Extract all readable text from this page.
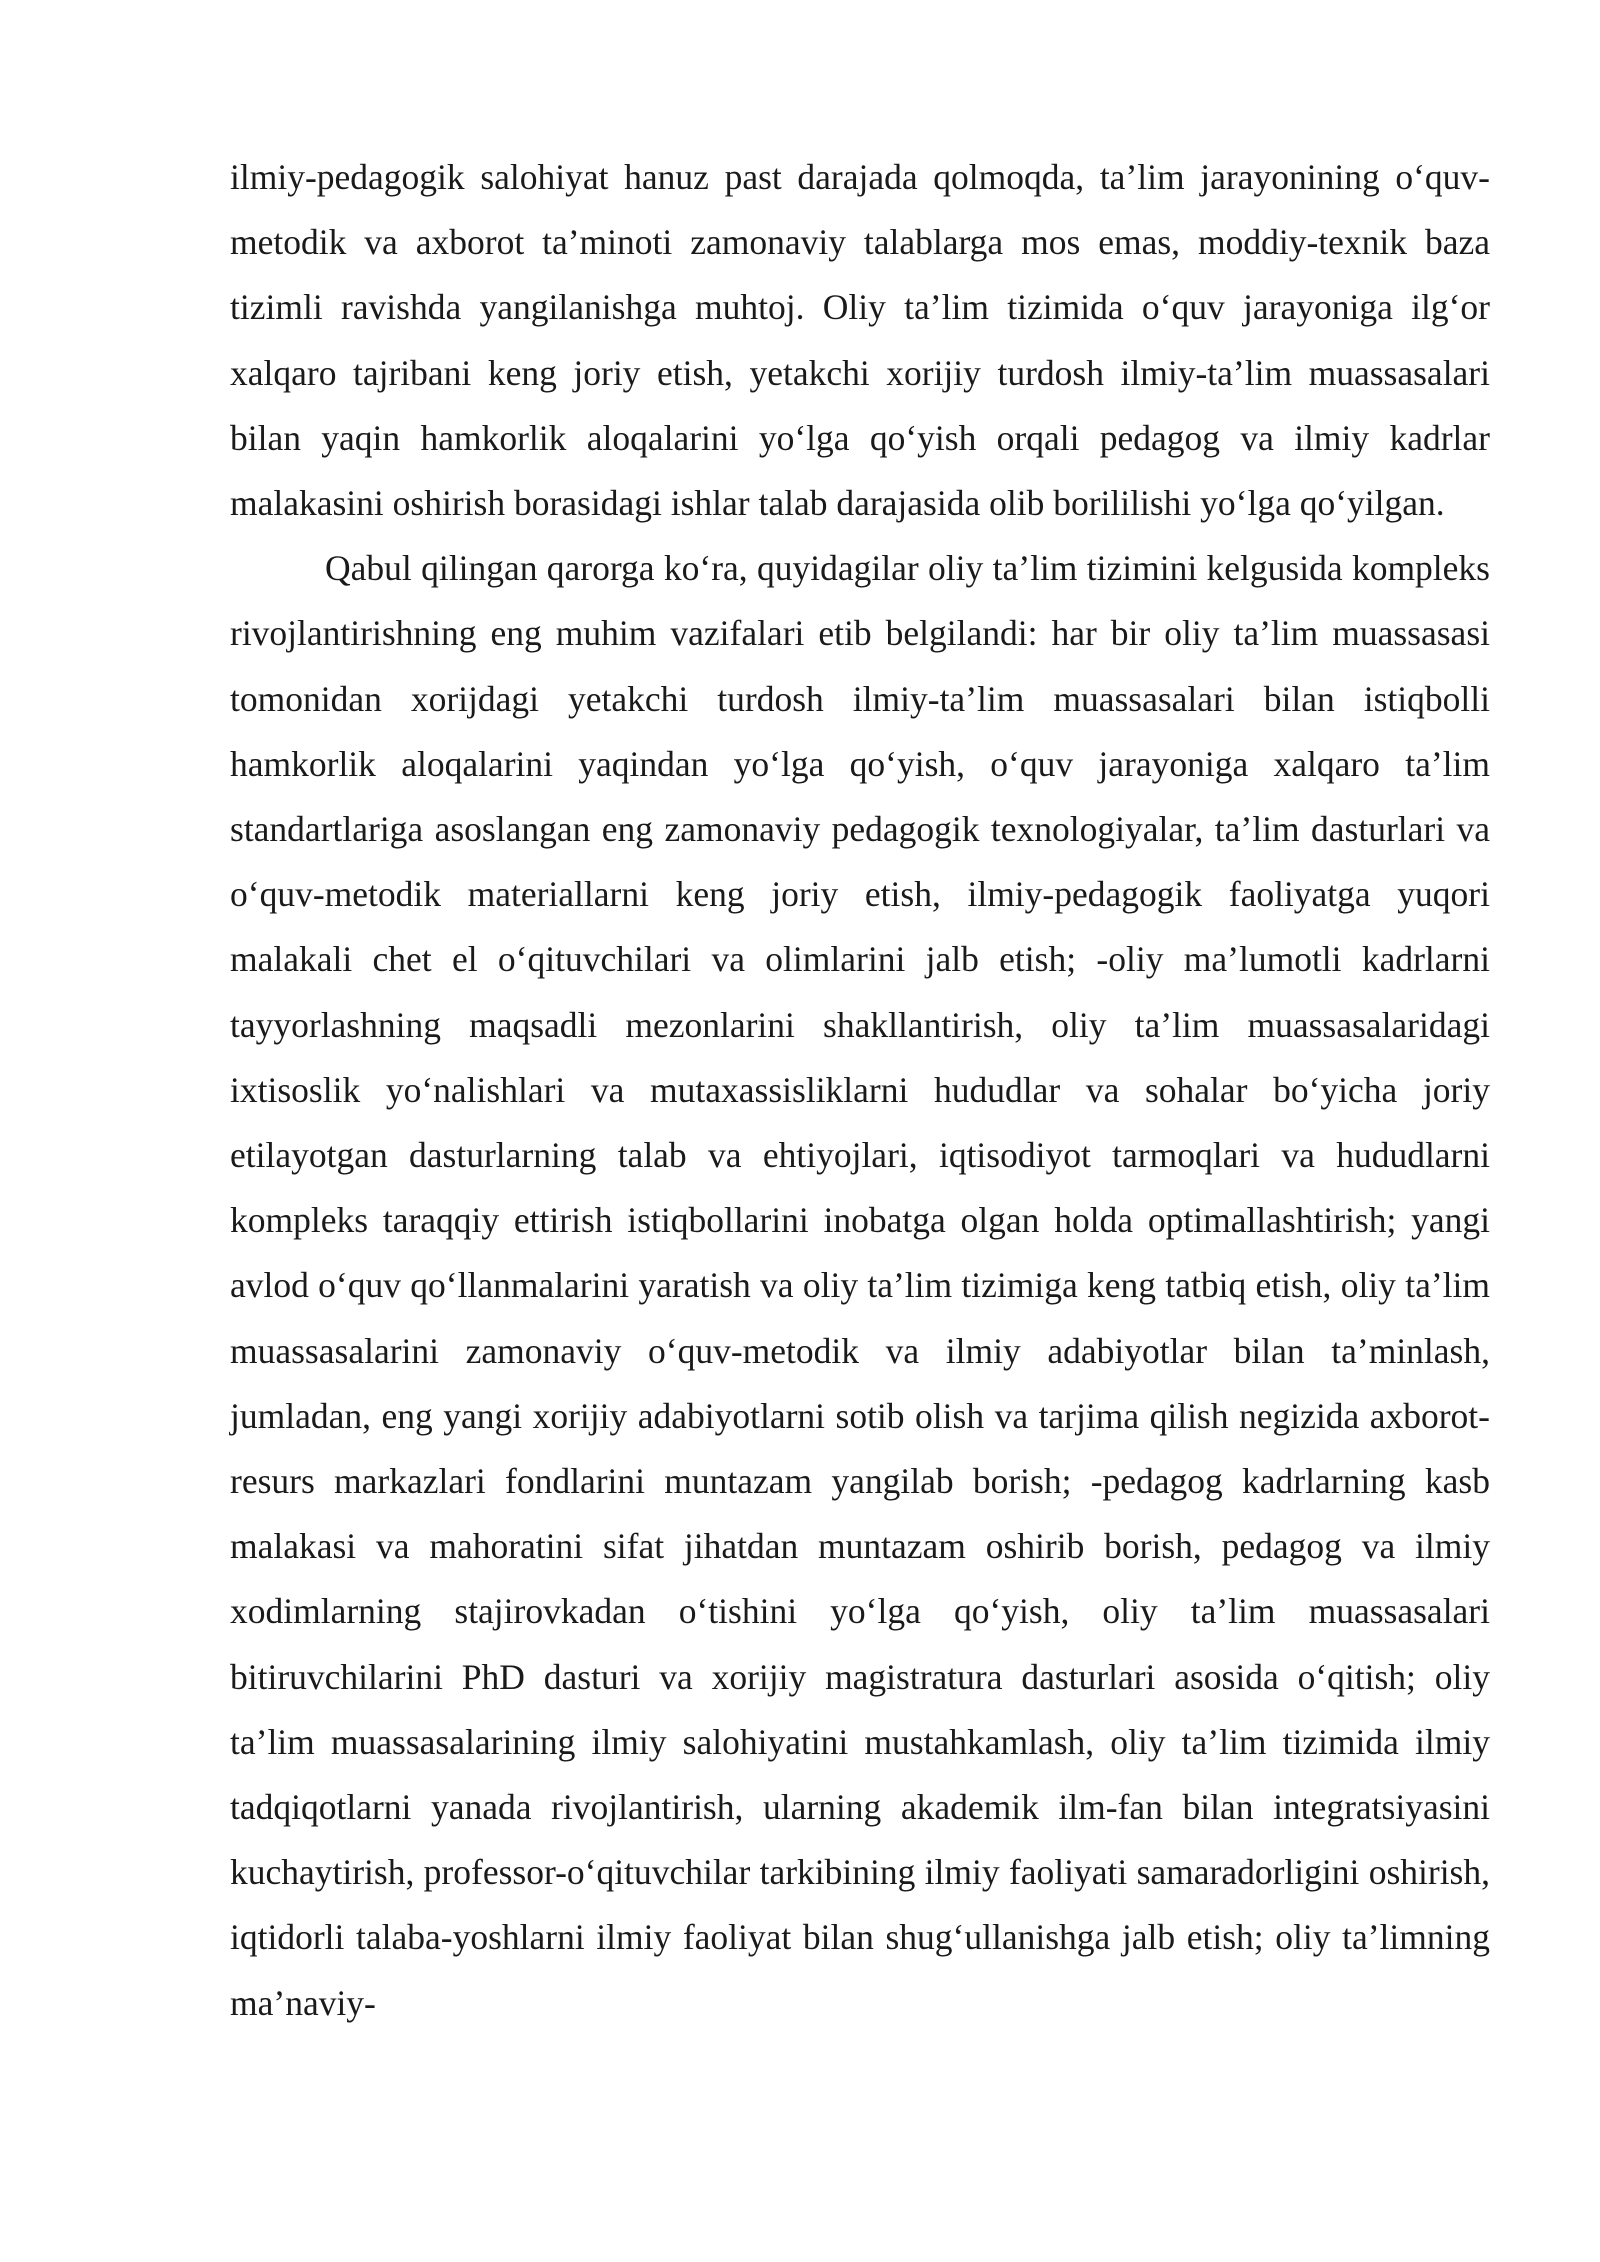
ilmiy-pedagogik salohiyat hanuz past darajada qolmoqda, ta’lim jarayonining o‘quv-metodik va axborot ta’minoti zamonaviy talablarga mos emas, moddiy-texnik baza tizimli ravishda yangilanishga muhtoj. Oliy ta’lim tizimida o‘quv jarayoniga ilg‘or xalqaro tajribani keng joriy etish, yetakchi xorijiy turdosh ilmiy-ta’lim muassasalari bilan yaqin hamkorlik aloqalarini yo‘lga qo‘yish orqali pedagog va ilmiy kadrlar malakasini oshirish borasidagi ishlar talab darajasida olib borililishi yo‘lga qo‘yilgan.

Qabul qilingan qarorga ko‘ra, quyidagilar oliy ta’lim tizimini kelgusida kompleks rivojlantirishning eng muhim vazifalari etib belgilandi: har bir oliy ta’lim muassasasi tomonidan xorijdagi yetakchi turdosh ilmiy-ta’lim muassasalari bilan istiqbolli hamkorlik aloqalarini yaqindan yo‘lga qo‘yish, o‘quv jarayoniga xalqaro ta’lim standartlariga asoslangan eng zamonaviy pedagogik texnologiyalar, ta’lim dasturlari va o‘quv-metodik materiallarni keng joriy etish, ilmiy-pedagogik faoliyatga yuqori malakali chet el o‘qituvchilari va olimlarini jalb etish; -oliy ma’lumotli kadrlarni tayyorlashning maqsadli mezonlarini shakllantirish, oliy ta’lim muassasalaridagi ixtisoslik yo‘nalishlari va mutaxassisliklarni hududlar va sohalar bo‘yicha joriy etilayotgan dasturlarning talab va ehtiyojlari, iqtisodiyot tarmoqlari va hududlarni kompleks taraqqiy ettirish istiqbollarini inobatga olgan holda optimallashtirish; yangi avlod o‘quv qo‘llanmalarini yaratish va oliy ta’lim tizimiga keng tatbiq etish, oliy ta’lim muassasalarini zamonaviy o‘quv-metodik va ilmiy adabiyotlar bilan ta’minlash, jumladan, eng yangi xorijiy adabiyotlarni sotib olish va tarjima qilish negizida axborot-resurs markazlari fondlarini muntazam yangilab borish; -pedagog kadrlarning kasb malakasi va mahoratini sifat jihatdan muntazam oshirib borish, pedagog va ilmiy xodimlarning stajirovkadan o‘tishini yo‘lga qo‘yish, oliy ta’lim muassasalari bitiruvchilarini PhD dasturi va xorijiy magistratura dasturlari asosida o‘qitish; oliy ta’lim muassasalarining ilmiy salohiyatini mustahkamlash, oliy ta’lim tizimida ilmiy tadqiqotlarni yanada rivojlantirish, ularning akademik ilm-fan bilan integratsiyasini kuchaytirish, professor-o‘qituvchilar tarkibining ilmiy faoliyati samaradorligini oshirish, iqtidorli talaba-yoshlarni ilmiy faoliyat bilan shug‘ullanishga jalb etish; oliy ta’limning ma’naviy-
